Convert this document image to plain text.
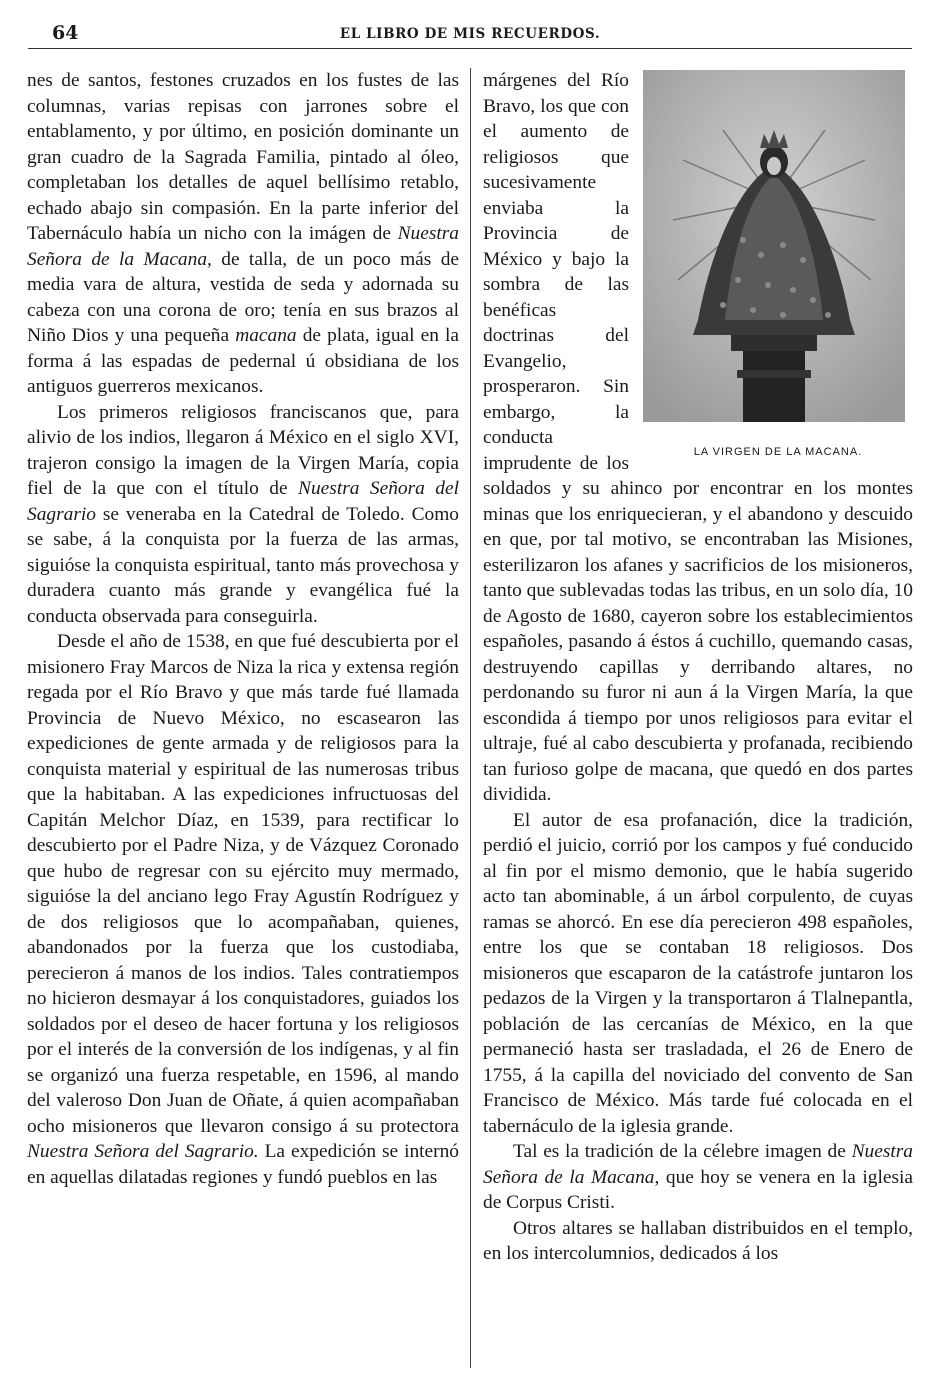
64	EL LIBRO DE MIS RECUERDOS.

nes de santos, festones cruzados en los fustes de las columnas, varias repisas con jarrones sobre el entablamento, y por último, en posición dominante un gran cuadro de la Sagrada Familia, pintado al óleo, completaban los detalles de aquel bellísimo retablo, echado abajo sin compasión. En la parte inferior del Tabernáculo había un nicho con la imágen de Nuestra Señora de la Macana, de talla, de un poco más de media vara de altura, vestida de seda y adornada su cabeza con una corona de oro; tenía en sus brazos al Niño Dios y una pequeña macana de plata, igual en la forma á las espadas de pedernal ú obsidiana de los antiguos guerreros mexicanos.

Los primeros religiosos franciscanos que, para alivio de los indios, llegaron á México en el siglo XVI, trajeron consigo la imagen de la Virgen María, copia fiel de la que con el título de Nuestra Señora del Sagrario se veneraba en la Catedral de Toledo. Como se sabe, á la conquista por la fuerza de las armas, siguióse la conquista espiritual, tanto más provechosa y duradera cuanto más grande y evangélica fué la conducta observada para conseguirla.

Desde el año de 1538, en que fué descubierta por el misionero Fray Marcos de Niza la rica y extensa región regada por el Río Bravo y que más tarde fué llamada Provincia de Nuevo México, no escasearon las expediciones de gente armada y de religiosos para la conquista material y espiritual de las numerosas tribus que la habitaban. A las expediciones infructuosas del Capitán Melchor Díaz, en 1539, para rectificar lo descubierto por el Padre Niza, y de Vázquez Coronado que hubo de regresar con su ejército muy mermado, siguióse la del anciano lego Fray Agustín Rodríguez y de dos religiosos que lo acompañaban, quienes, abandonados por la fuerza que los custodiaba, perecieron á manos de los indios. Tales contratiempos no hicieron desmayar á los conquistadores, guiados los soldados por el deseo de hacer fortuna y los religiosos por el interés de la conversión de los indígenas, y al fin se organizó una fuerza respetable, en 1596, al mando del valeroso Don Juan de Oñate, á quien acompañaban ocho misioneros que llevaron consigo á su protectora Nuestra Señora del Sagrario. La expedición se internó en aquellas dilatadas regiones y fundó pueblos en las

LA VIRGEN DE LA MACANA.

márgenes del Río Bravo, los que con el aumento de religiosos que sucesivamente enviaba la Provincia de México y bajo la sombra de las benéficas doctrinas del Evangelio, prosperaron. Sin embargo, la conducta imprudente de los soldados y su ahinco por encontrar en los montes minas que los enriquecieran, y el abandono y descuido en que, por tal motivo, se encontraban las Misiones, esterilizaron los afanes y sacrificios de los misioneros, tanto que sublevadas todas las tribus, en un solo día, 10 de Agosto de 1680, cayeron sobre los establecimientos españoles, pasando á éstos á cuchillo, quemando casas, destruyendo capillas y derribando altares, no perdonando su furor ni aun á la Virgen María, la que escondida á tiempo por unos religiosos para evitar el ultraje, fué al cabo descubierta y profanada, recibiendo tan furioso golpe de macana, que quedó en dos partes dividida.

El autor de esa profanación, dice la tradición, perdió el juicio, corrió por los campos y fué conducido al fin por el mismo demonio, que le había sugerido acto tan abominable, á un árbol corpulento, de cuyas ramas se ahorcó. En ese día perecieron 498 españoles, entre los que se contaban 18 religiosos. Dos misioneros que escaparon de la catástrofe juntaron los pedazos de la Virgen y la transportaron á Tlalnepantla, población de las cercanías de México, en la que permaneció hasta ser trasladada, el 26 de Enero de 1755, á la capilla del noviciado del convento de San Francisco de México. Más tarde fué colocada en el tabernáculo de la iglesia grande.

Tal es la tradición de la célebre imagen de Nuestra Señora de la Macana, que hoy se venera en la iglesia de Corpus Cristi.

Otros altares se hallaban distribuidos en el templo, en los intercolumnios, dedicados á los
